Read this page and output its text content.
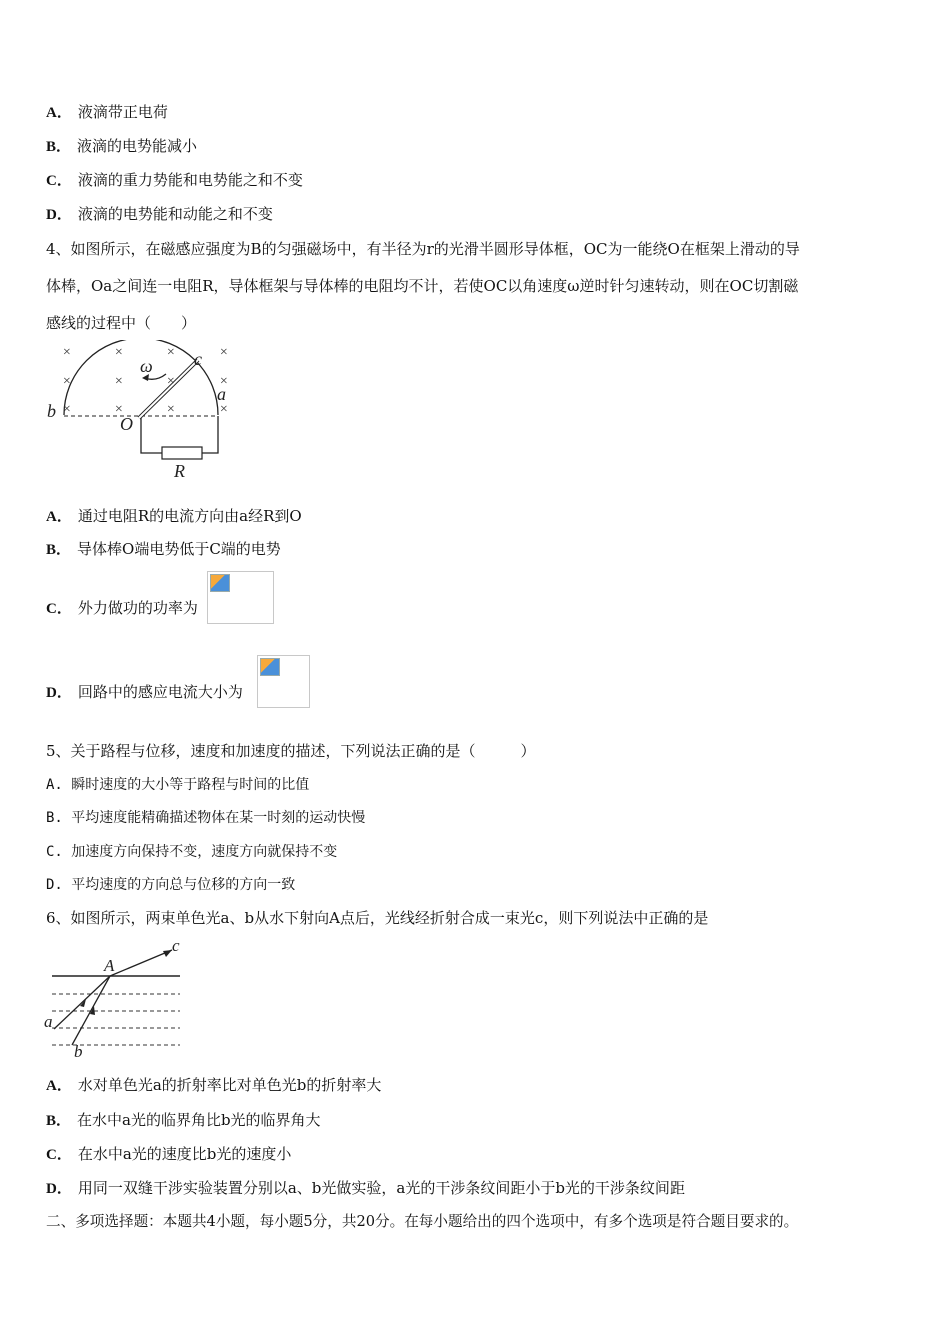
A． 液滴带正电荷
B． 液滴的电势能减小
C． 液滴的重力势能和电势能之和不变
D． 液滴的电势能和动能之和不变
4、如图所示，在磁感应强度为B的匀强磁场中，有半径为r的光滑半圆形导体框，OC为一能绕O在框架上滑动的导
体棒，Oa之间连一电阻R，导体框架与导体棒的电阻均不计，若使OC以角速度ω逆时针匀速转动，则在OC切割磁
感线的过程中（　　）
×	×	×	×
×	×	×	×
×	×	×	×
ω c
a
b
O
R
A． 通过电阻R的电流方向由a经R到O
B． 导体棒O端电势低于C端的电势
C． 外力做功的功率为
D． 回路中的感应电流大小为
5、关于路程与位移，速度和加速度的描述，下列说法正确的是（　　　）
A. 瞬时速度的大小等于路程与时间的比值
B. 平均速度能精确描述物体在某一时刻的运动快慢
C. 加速度方向保持不变，速度方向就保持不变
D. 平均速度的方向总与位移的方向一致
6、如图所示，两束单色光a、b从水下射向A点后，光线经折射合成一束光c，则下列说法中正确的是
A
c
a
b
A． 水对单色光a的折射率比对单色光b的折射率大
B． 在水中a光的临界角比b光的临界角大
C． 在水中a光的速度比b光的速度小
D． 用同一双缝干涉实验装置分别以a、b光做实验，a光的干涉条纹间距小于b光的干涉条纹间距
二、多项选择题：本题共4小题，每小题5分，共20分。在每小题给出的四个选项中，有多个选项是符合题目要求的。
